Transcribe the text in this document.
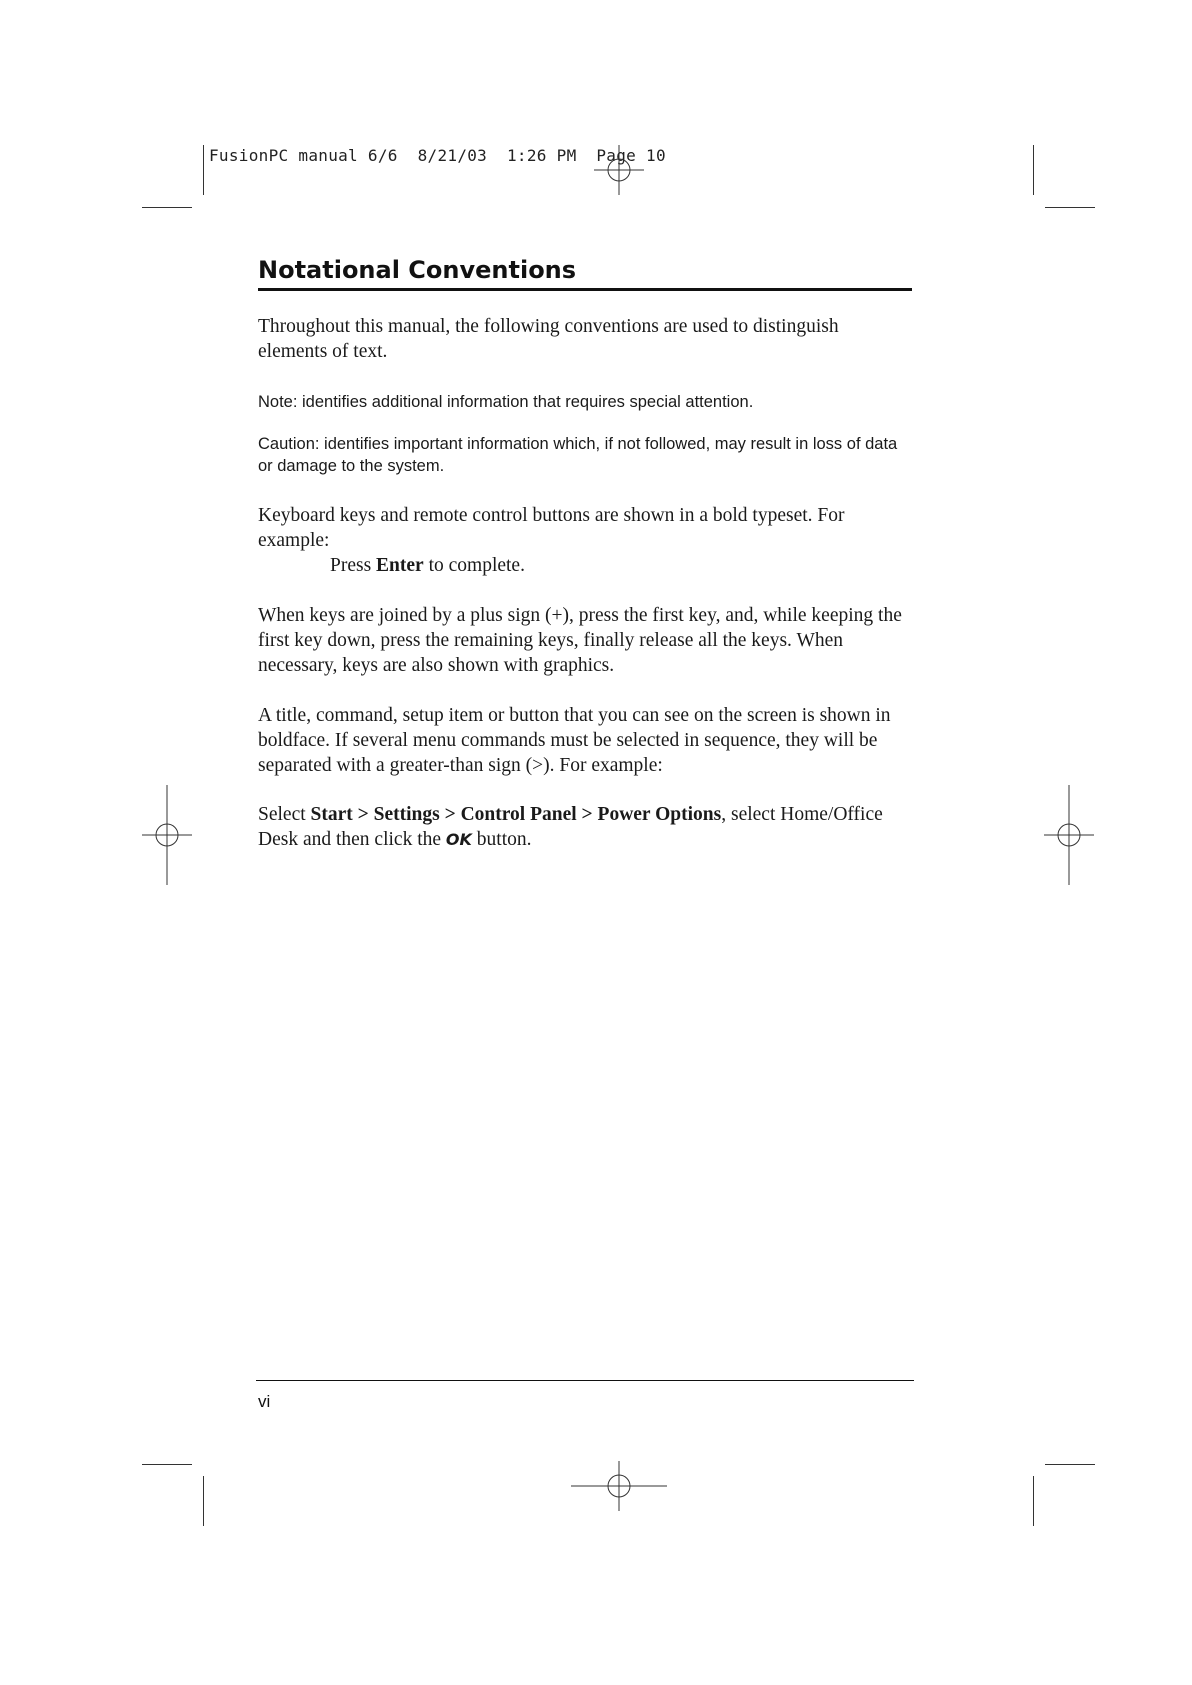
FusionPC manual 6/6  8/21/03  1:26 PM  Page 10
Notational Conventions

Throughout this manual, the following conventions are used to distinguish elements of text.

Note: identifies additional information that requires special attention.

Caution: identifies important information which, if not followed, may result in loss of data or damage to the system.

Keyboard keys and remote control buttons are shown in a bold typeset. For example:

Press Enter to complete.

When keys are joined by a plus sign (+), press the first key, and, while keeping the first key down, press the remaining keys, finally release all the keys. When necessary, keys are also shown with graphics.

A title, command, setup item or button that you can see on the screen is shown in boldface. If several menu commands must be selected in sequence, they will be separated with a greater-than sign (>). For example:

Select Start > Settings > Control Panel > Power Options, select Home/Office Desk and then click the OK button.

vi
